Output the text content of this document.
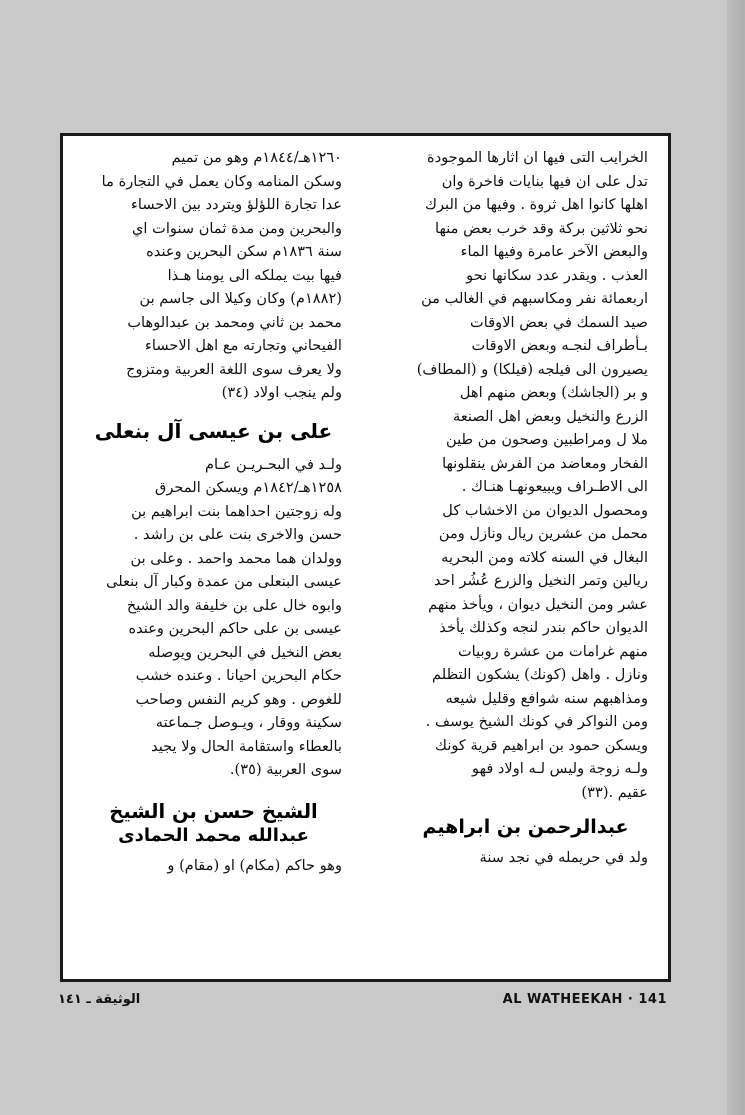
الخرايب التى فيها ان اثارها الموجودة
تدل على ان فيها بنايات فاخرة وان
اهلها كانوا اهل ثروة . وفيها من البرك
نحو ثلاثين بركة وقد خرب بعض منها
والبعض الآخر عامرة وفيها الماء
العذب . ويقدر عدد سكانها نحو
اربعمائة نفر ومكاسبهم في الغالب من
صيد السمك في بعض الاوقات
بـأطراف لنجـه وبعض الاوقات
يصيرون الى فيلجه (فيلكا) و (المطاف)
و بر (الجاشك) وبعض منهم اهل
الزرع والنخيل وبعض اهل الصنعة
ملا ل ومراطبين وصحون من طين
الفخار ومعاضد من الفرش ينقلونها
الى الاطـراف ويبيعونهـا هنـاك .
ومحصول الديوان من الاخشاب كل
محمل من عشرين ريال ونازل ومن
البغال في السنه كلاته ومن البحريه
ريالين وتمر النخيل والزرع عُشُر احد
عشر ومن النخيل ديوان ، ويأخذ منهم
الديوان حاكم بندر لنجه وكذلك يأخذ
منهم غرامات من عشرة روبيات
ونازل . واهل (كونك) يشكون التظلم
ومذاهبهم سنه شوافع وقليل شيعه
ومن النواكر في كونك الشيخ يوسف .
ويسكن حمود بن ابراهيم قرية كونك
ولـه زوجة وليس لـه اولاد فهو
عقيم .(٣٣)
عبدالرحمن بن ابراهيم
ولد في حريمله في نجد سنة
١٢٦٠هـ/١٨٤٤م وهو من تميم
وسكن المنامه وكان يعمل في التجارة ما
عدا تجارة اللؤلؤ ويتردد بين الاحساء
والبحرين ومن مدة ثمان سنوات اي
سنة ١٨٣٦م سكن البحرين وعنده
فيها بيت يملكه الى يومنا هـذا
(١٨٨٢م) وكان وكيلا الى جاسم بن
محمد بن ثاني ومحمد بن عبدالوهاب
الفيحاني وتجارته مع اهل الاحساء
ولا يعرف سوى اللغة العربية ومتزوج
ولم ينجب اولاد (٣٤)
على بن عيسى آل بنعلى
ولـد في البحـريـن عـام
١٢٥٨هـ/١٨٤٢م ويسكن المحرق
وله زوجتين احداهما بنت ابراهيم بن
حسن والاخرى بنت على بن راشد .
وولدان هما محمد واحمد . وعلى بن
عيسى البنعلى من عمدة وكبار آل بنعلى
وابوه خال على بن خليفة والد الشيخ
عيسى بن على حاكم البحرين وعنده
بعض النخيل في البحرين ويوصله
حكام البحرين احيانا . وعنده خشب
للغوص . وهو كريم النفس وصاحب
سكينة ووقار ، ويـوصل جـماعته
بالعطاء واستقامة الحال ولا يجيد
سوى العربية (٣٥).
الشيخ حسن بن الشيخ
عبدالله محمد الحمادى
وهو حاكم (مكام) او (مقام) و
الوثيقة ـ ١٤١	AL WATHEEKAH · 141
